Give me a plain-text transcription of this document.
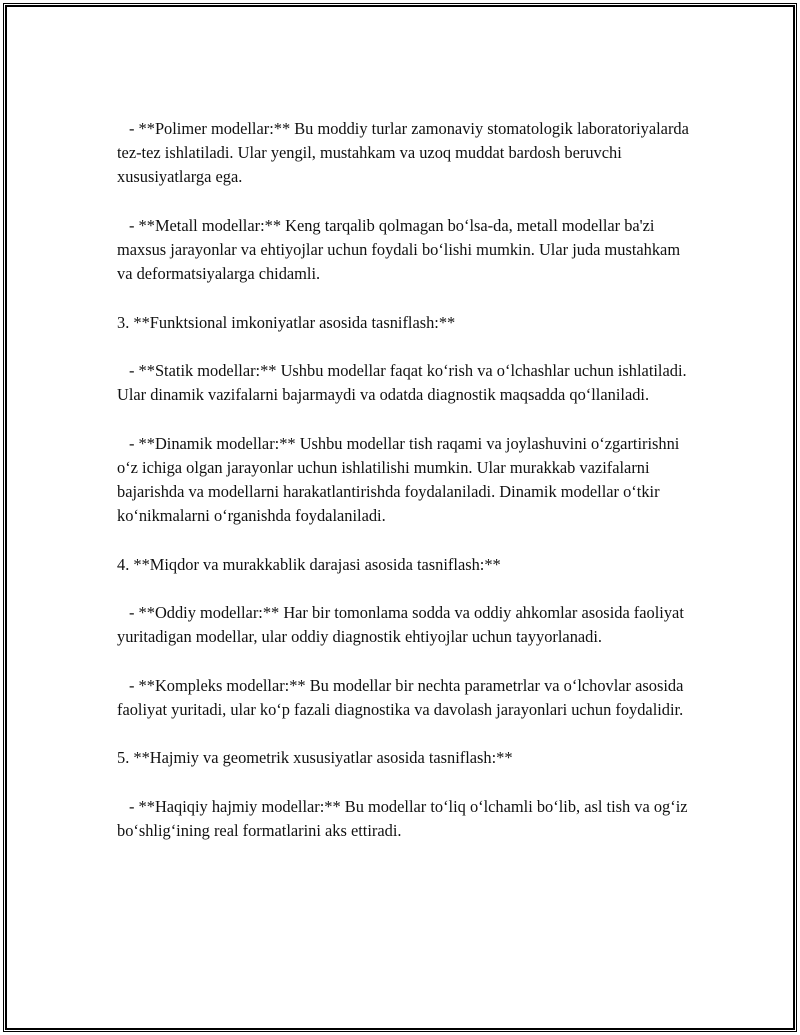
- **Polimer modellar:** Bu moddiy turlar zamonaviy stomatologik laboratoriyalarda tez-tez ishlatiladi. Ular yengil, mustahkam va uzoq muddat bardosh beruvchi xususiyatlarga ega.

- **Metall modellar:** Keng tarqalib qolmagan bo‘lsa-da, metall modellar ba'zi maxsus jarayonlar va ehtiyojlar uchun foydali bo‘lishi mumkin. Ular juda mustahkam va deformatsiyalarga chidamli.

3. **Funktsional imkoniyatlar asosida tasniflash:**

- **Statik modellar:** Ushbu modellar faqat ko‘rish va o‘lchashlar uchun ishlatiladi. Ular dinamik vazifalarni bajarmaydi va odatda diagnostik maqsadda qo‘llaniladi.

- **Dinamik modellar:** Ushbu modellar tish raqami va joylashuvini o‘zgartirishni o‘z ichiga olgan jarayonlar uchun ishlatilishi mumkin. Ular murakkab vazifalarni bajarishda va modellarni harakatlantirishda foydalaniladi. Dinamik modellar o‘tkir ko‘nikmalarni o‘rganishda foydalaniladi.

4. **Miqdor va murakkablik darajasi asosida tasniflash:**

- **Oddiy modellar:** Har bir tomonlama sodda va oddiy ahkomlar asosida faoliyat yuritadigan modellar, ular oddiy diagnostik ehtiyojlar uchun tayyorlanadi.

- **Kompleks modellar:** Bu modellar bir nechta parametrlar va o‘lchovlar asosida faoliyat yuritadi, ular ko‘p fazali diagnostika va davolash jarayonlari uchun foydalidir.

5. **Hajmiy va geometrik xususiyatlar asosida tasniflash:**

- **Haqiqiy hajmiy modellar:** Bu modellar to‘liq o‘lchamli bo‘lib, asl tish va og‘iz bo‘shlig‘ining real formatlarini aks ettiradi.
